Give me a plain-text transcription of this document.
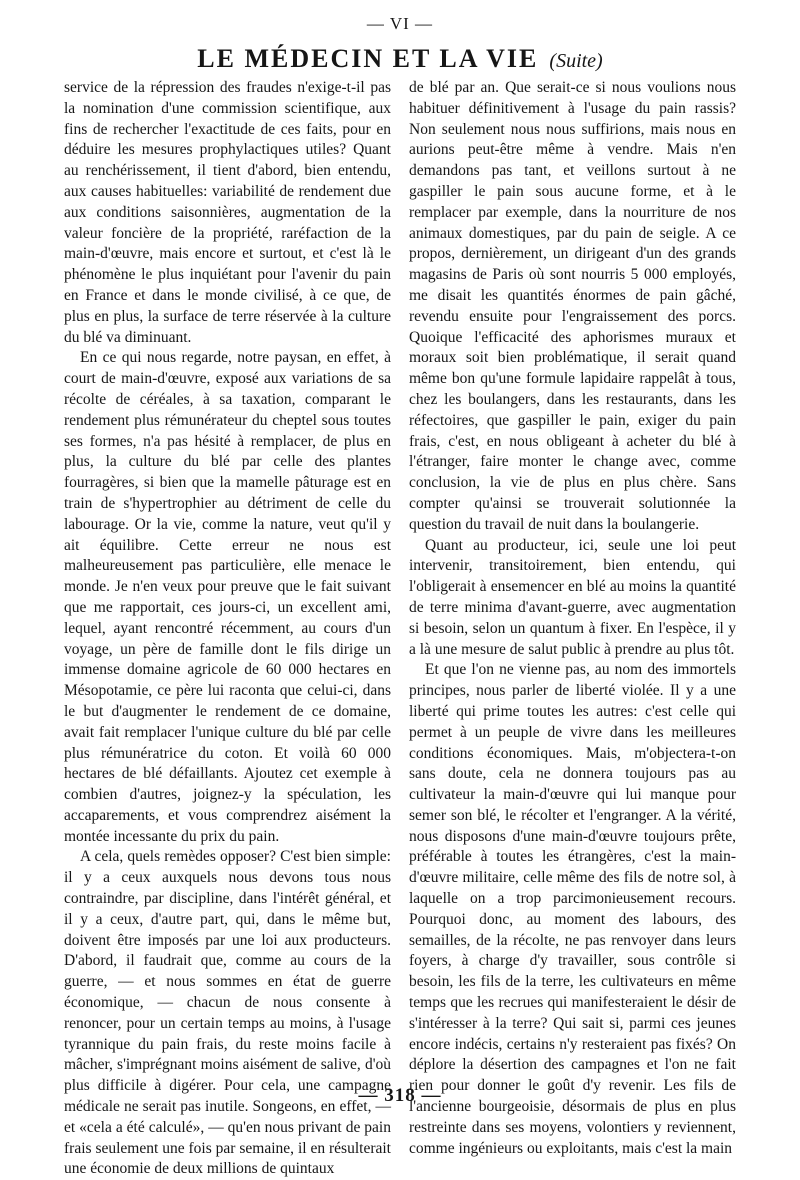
— VI —
LE MÉDECIN ET LA VIE (Suite)

service de la répression des fraudes n'exige-t-il pas la nomination d'une commission scientifique, aux fins de rechercher l'exactitude de ces faits, pour en déduire les mesures prophylactiques utiles? Quant au renchérissement, il tient d'abord, bien entendu, aux causes habituelles: variabilité de rendement due aux conditions saisonnières, augmentation de la valeur foncière de la propriété, raréfaction de la main-d'œuvre, mais encore et surtout, et c'est là le phénomène le plus inquiétant pour l'avenir du pain en France et dans le monde civilisé, à ce que, de plus en plus, la surface de terre réservée à la culture du blé va diminuant.

En ce qui nous regarde, notre paysan, en effet, à court de main-d'œuvre, exposé aux variations de sa récolte de céréales, à sa taxation, comparant le rendement plus rémunérateur du cheptel sous toutes ses formes, n'a pas hésité à remplacer, de plus en plus, la culture du blé par celle des plantes fourragères, si bien que la mamelle pâturage est en train de s'hypertrophier au détriment de celle du labourage. Or la vie, comme la nature, veut qu'il y ait équilibre. Cette erreur ne nous est malheureusement pas particulière, elle menace le monde. Je n'en veux pour preuve que le fait suivant que me rapportait, ces jours-ci, un excellent ami, lequel, ayant rencontré récemment, au cours d'un voyage, un père de famille dont le fils dirige un immense domaine agricole de 60 000 hectares en Mésopotamie, ce père lui raconta que celui-ci, dans le but d'augmenter le rendement de ce domaine, avait fait remplacer l'unique culture du blé par celle plus rémunératrice du coton. Et voilà 60 000 hectares de blé défaillants. Ajoutez cet exemple à combien d'autres, joignez-y la spéculation, les accaparements, et vous comprendrez aisément la montée incessante du prix du pain.

A cela, quels remèdes opposer? C'est bien simple: il y a ceux auxquels nous devons tous nous contraindre, par discipline, dans l'intérêt général, et il y a ceux, d'autre part, qui, dans le même but, doivent être imposés par une loi aux producteurs. D'abord, il faudrait que, comme au cours de la guerre, — et nous sommes en état de guerre économique, — chacun de nous consente à renoncer, pour un certain temps au moins, à l'usage tyrannique du pain frais, du reste moins facile à mâcher, s'imprégnant moins aisément de salive, d'où plus difficile à digérer. Pour cela, une campagne médicale ne serait pas inutile. Songeons, en effet, — et «cela a été calculé», — qu'en nous privant de pain frais seulement une fois par semaine, il en résulterait une économie de deux millions de quintaux

de blé par an. Que serait-ce si nous voulions nous habituer définitivement à l'usage du pain rassis? Non seulement nous nous suffirions, mais nous en aurions peut-être même à vendre. Mais n'en demandons pas tant, et veillons surtout à ne gaspiller le pain sous aucune forme, et à le remplacer par exemple, dans la nourriture de nos animaux domestiques, par du pain de seigle. A ce propos, dernièrement, un dirigeant d'un des grands magasins de Paris où sont nourris 5 000 employés, me disait les quantités énormes de pain gâché, revendu ensuite pour l'engraissement des porcs. Quoique l'efficacité des aphorismes muraux et moraux soit bien problématique, il serait quand même bon qu'une formule lapidaire rappelât à tous, chez les boulangers, dans les restaurants, dans les réfectoires, que gaspiller le pain, exiger du pain frais, c'est, en nous obligeant à acheter du blé à l'étranger, faire monter le change avec, comme conclusion, la vie de plus en plus chère. Sans compter qu'ainsi se trouverait solutionnée la question du travail de nuit dans la boulangerie.

Quant au producteur, ici, seule une loi peut intervenir, transitoirement, bien entendu, qui l'obligerait à ensemencer en blé au moins la quantité de terre minima d'avant-guerre, avec augmentation si besoin, selon un quantum à fixer. En l'espèce, il y a là une mesure de salut public à prendre au plus tôt.

Et que l'on ne vienne pas, au nom des immortels principes, nous parler de liberté violée. Il y a une liberté qui prime toutes les autres: c'est celle qui permet à un peuple de vivre dans les meilleures conditions économiques. Mais, m'objectera-t-on sans doute, cela ne donnera toujours pas au cultivateur la main-d'œuvre qui lui manque pour semer son blé, le récolter et l'engranger. A la vérité, nous disposons d'une main-d'œuvre toujours prête, préférable à toutes les étrangères, c'est la main-d'œuvre militaire, celle même des fils de notre sol, à laquelle on a trop parcimonieusement recours. Pourquoi donc, au moment des labours, des semailles, de la récolte, ne pas renvoyer dans leurs foyers, à charge d'y travailler, sous contrôle si besoin, les fils de la terre, les cultivateurs en même temps que les recrues qui manifesteraient le désir de s'intéresser à la terre? Qui sait si, parmi ces jeunes encore indécis, certains n'y resteraient pas fixés? On déplore la désertion des campagnes et l'on ne fait rien pour donner le goût d'y revenir. Les fils de l'ancienne bourgeoisie, désormais de plus en plus restreinte dans ses moyens, volontiers y reviennent, comme ingénieurs ou exploitants, mais c'est la main

— 318 —
